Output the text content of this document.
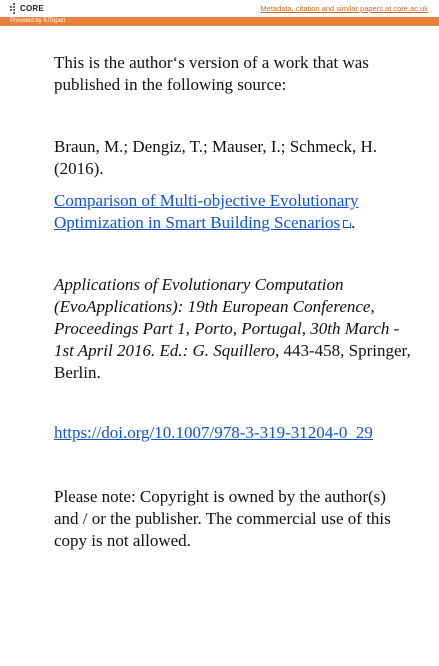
CORE	Metadata, citation and similar papers at core.ac.uk
Provided by KITopen

This is the author‘s version of a work that was published in the following source:

Braun, M.; Dengiz, T.; Mauser, I.; Schmeck, H. (2016).

Comparison of Multi-objective Evolutionary Optimization in Smart Building Scenarios .

Applications of Evolutionary Computation (EvoApplications): 19th European Conference, Proceedings Part 1, Porto, Portugal, 30th March - 1st April 2016. Ed.: G. Squillero, 443-458, Springer, Berlin.

https://doi.org/10.1007/978-3-319-31204-0_29

Please note: Copyright is owned by the author(s) and / or the publisher. The commercial use of this copy is not allowed.
